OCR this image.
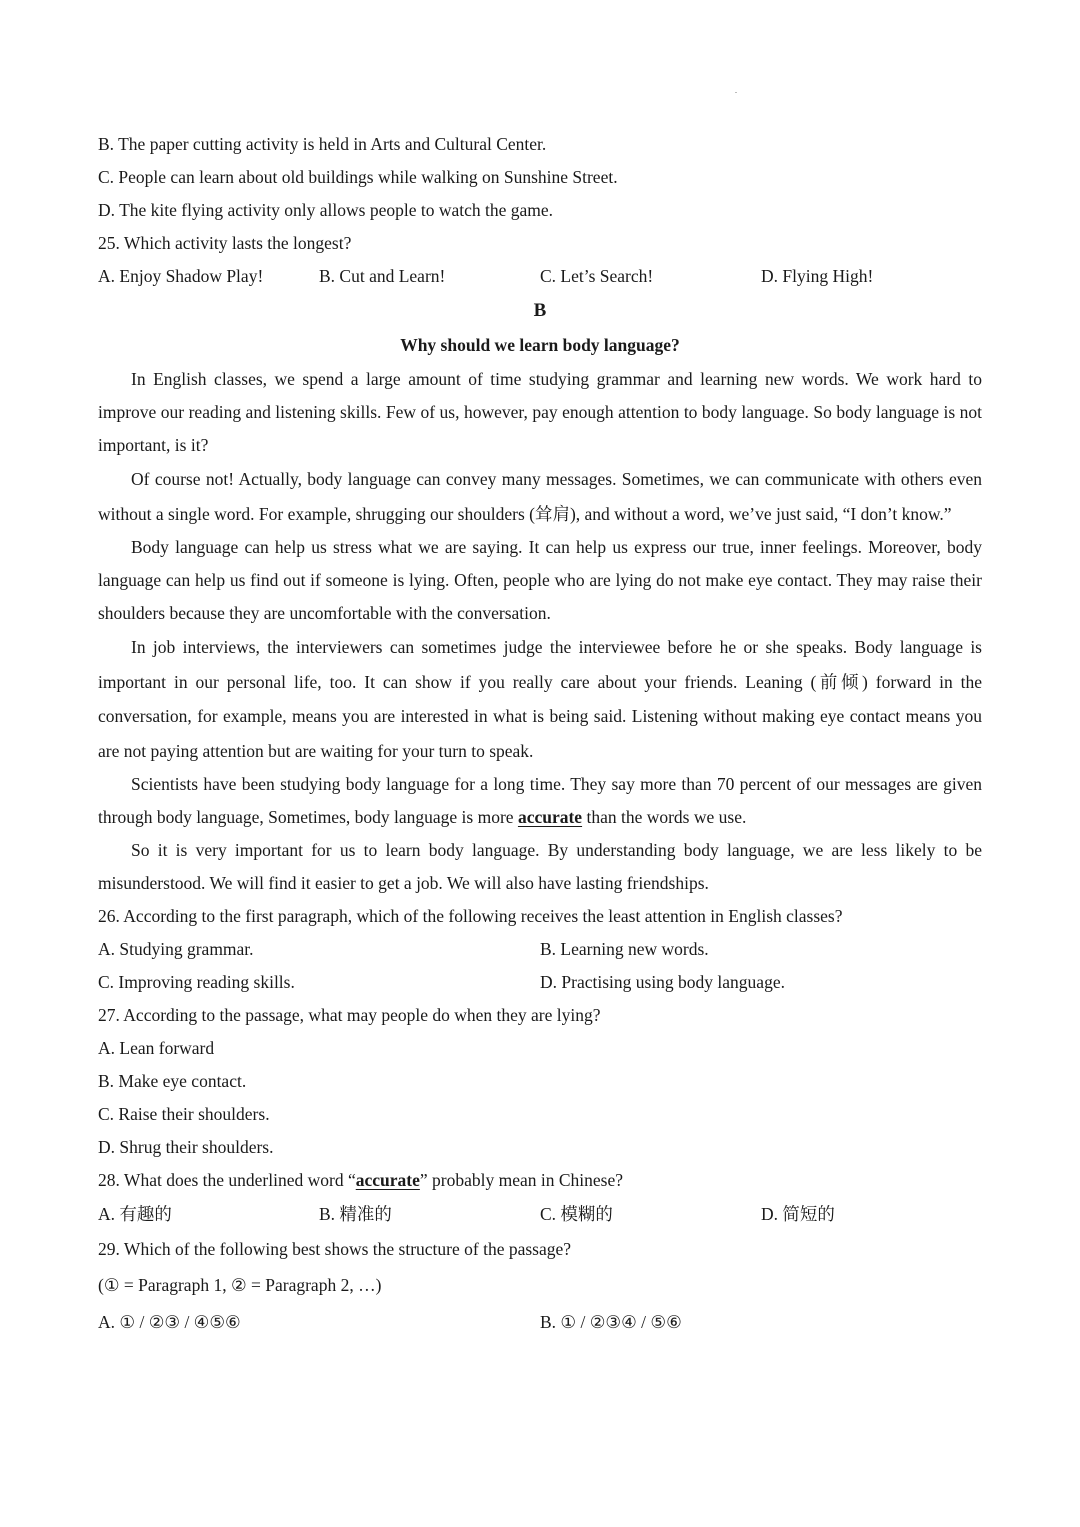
B. The paper cutting activity is held in Arts and Cultural Center.
C. People can learn about old buildings while walking on Sunshine Street.
D. The kite flying activity only allows people to watch the game.
25. Which activity lasts the longest?
A. Enjoy Shadow Play!	B. Cut and Learn!	C. Let’s Search!	D. Flying High!
B
Why should we learn body language?

In English classes, we spend a large amount of time studying grammar and learning new words. We work hard to improve our reading and listening skills. Few of us, however, pay enough attention to body language. So body language is not important, is it?

Of course not! Actually, body language can convey many messages. Sometimes, we can communicate with others even without a single word. For example, shrugging our shoulders (耸肩), and without a word, we’ve just said, “I don’t know.”

Body language can help us stress what we are saying. It can help us express our true, inner feelings. Moreover, body language can help us find out if someone is lying. Often, people who are lying do not make eye contact. They may raise their shoulders because they are uncomfortable with the conversation.

In job interviews, the interviewers can sometimes judge the interviewee before he or she speaks. Body language is important in our personal life, too. It can show if you really care about your friends. Leaning (前倾) forward in the conversation, for example, means you are interested in what is being said. Listening without making eye contact means you are not paying attention but are waiting for your turn to speak.

Scientists have been studying body language for a long time. They say more than 70 percent of our messages are given through body language, Sometimes, body language is more accurate than the words we use.

So it is very important for us to learn body language. By understanding body language, we are less likely to be misunderstood. We will find it easier to get a job. We will also have lasting friendships.

26. According to the first paragraph, which of the following receives the least attention in English classes?
A. Studying grammar.	B. Learning new words.
C. Improving reading skills.	D. Practising using body language.
27. According to the passage, what may people do when they are lying?
A. Lean forward
B. Make eye contact.
C. Raise their shoulders.
D. Shrug their shoulders.
28. What does the underlined word “accurate” probably mean in Chinese?
A. 有趣的	B. 精准的	C. 模糊的	D. 简短的
29. Which of the following best shows the structure of the passage?
(① = Paragraph 1, ② = Paragraph 2, …)
A. ① / ②③ / ④⑤⑥	B. ① / ②③④ / ⑤⑥
